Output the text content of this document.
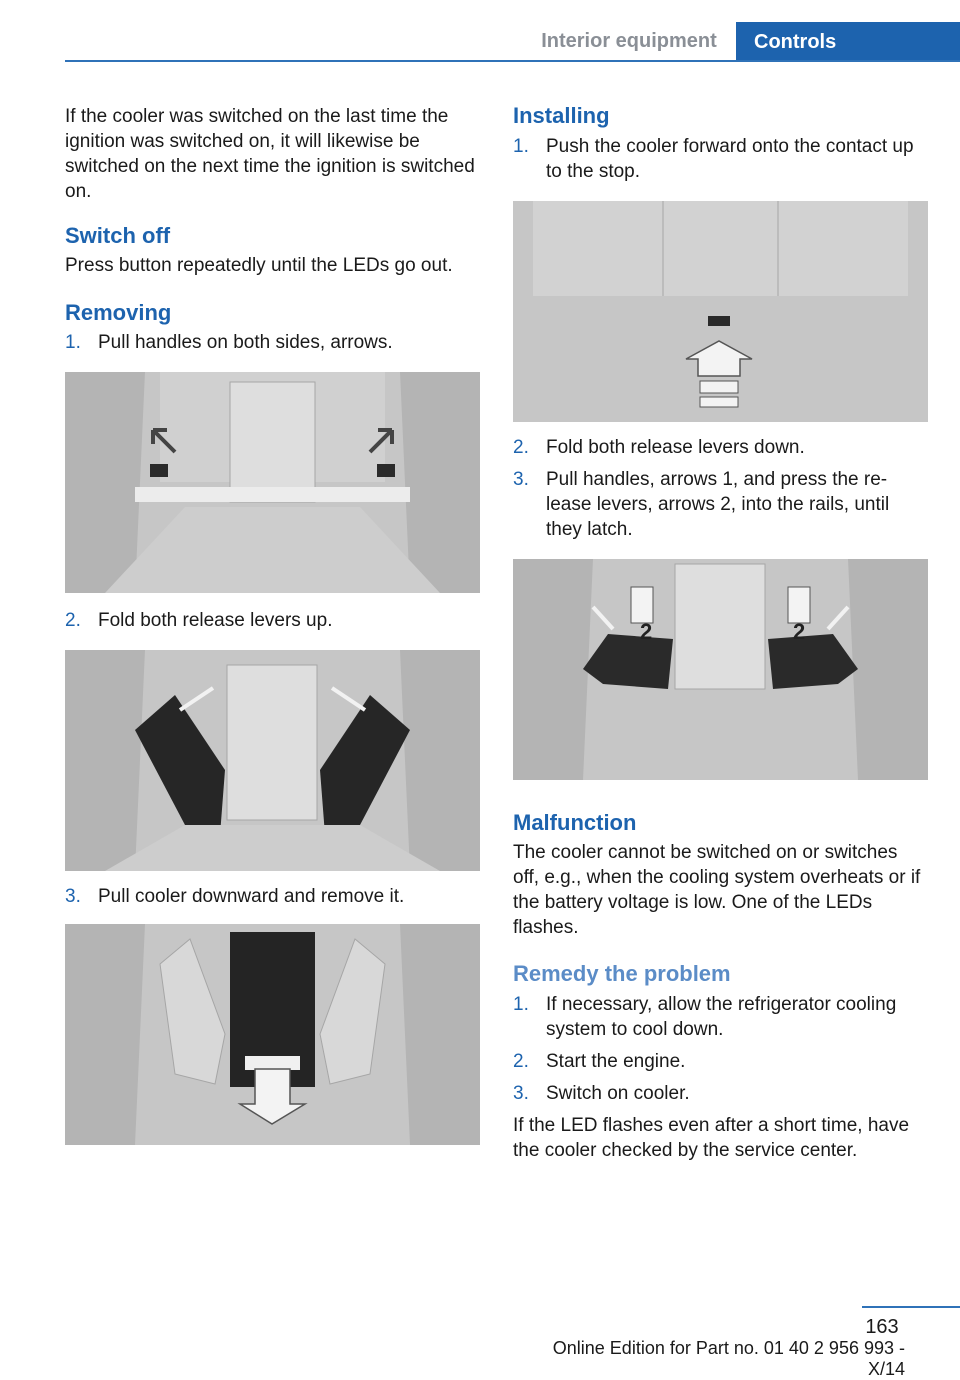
Interior equipment	Controls

If the cooler was switched on the last time the ignition was switched on, it will likewise be switched on the next time the ignition is switched on.

Switch off

Press button repeatedly until the LEDs go out.

Removing
1. Pull handles on both sides, arrows.
2. Fold both release levers up.
3. Pull cooler downward and remove it.
Installing
1. Push the cooler forward onto the contact up to the stop.
2. Fold both release levers down.
3. Pull handles, arrows 1, and press the re‐lease levers, arrows 2, into the rails, until they latch.
2	2
Malfunction

The cooler cannot be switched on or switches off, e.g., when the cooling system overheats or if the battery voltage is low. One of the LEDs flashes.

Remedy the problem
1. If necessary, allow the refrigerator cooling system to cool down.
2. Start the engine.
3. Switch on cooler.

If the LED flashes even after a short time, have the cooler checked by the service center.

163
Online Edition for Part no. 01 40 2 956 993 - X/14
